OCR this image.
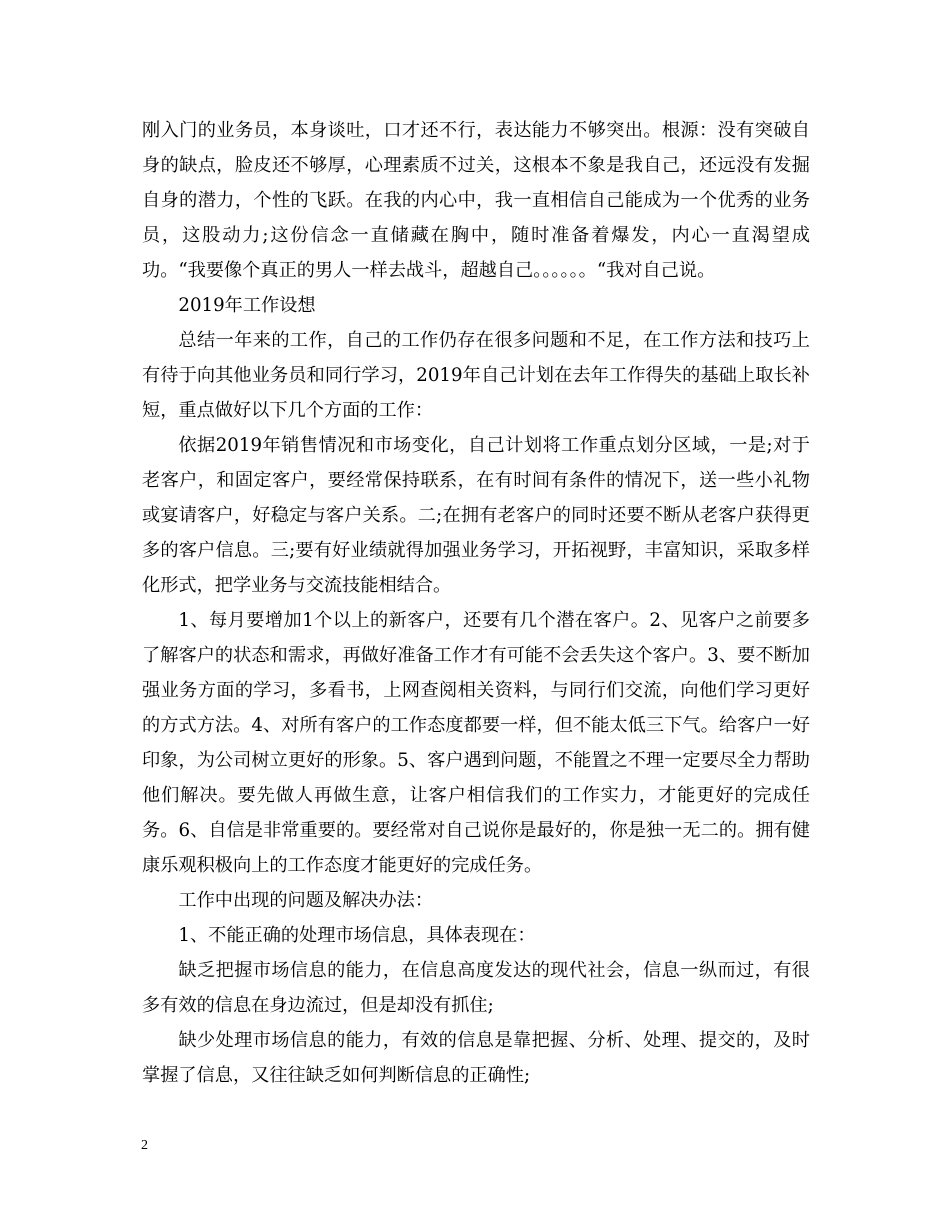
刚入门的业务员，本身谈吐，口才还不行，表达能力不够突出。根源：没有突破自身的缺点，脸皮还不够厚，心理素质不过关，这根本不象是我自己，还远没有发掘自身的潜力，个性的飞跃。在我的内心中，我一直相信自己能成为一个优秀的业务员，这股动力;这份信念一直储藏在胸中，随时准备着爆发，内心一直渴望成功。“我要像个真正的男人一样去战斗，超越自己。。。。。。“我对自己说。

2019年工作设想

总结一年来的工作，自己的工作仍存在很多问题和不足，在工作方法和技巧上有待于向其他业务员和同行学习，2019年自己计划在去年工作得失的基础上取长补短，重点做好以下几个方面的工作：

依据2019年销售情况和市场变化，自己计划将工作重点划分区域，一是;对于老客户，和固定客户，要经常保持联系，在有时间有条件的情况下，送一些小礼物或宴请客户，好稳定与客户关系。二;在拥有老客户的同时还要不断从老客户获得更多的客户信息。三;要有好业绩就得加强业务学习，开拓视野，丰富知识，采取多样化形式，把学业务与交流技能相结合。

1、每月要增加1个以上的新客户，还要有几个潜在客户。2、见客户之前要多了解客户的状态和需求，再做好准备工作才有可能不会丢失这个客户。3、要不断加强业务方面的学习，多看书，上网查阅相关资料，与同行们交流，向他们学习更好的方式方法。4、对所有客户的工作态度都要一样，但不能太低三下气。给客户一好印象，为公司树立更好的形象。5、客户遇到问题，不能置之不理一定要尽全力帮助他们解决。要先做人再做生意，让客户相信我们的工作实力，才能更好的完成任务。6、自信是非常重要的。要经常对自己说你是最好的，你是独一无二的。拥有健康乐观积极向上的工作态度才能更好的完成任务。

工作中出现的问题及解决办法：

1、不能正确的处理市场信息，具体表现在：

缺乏把握市场信息的能力，在信息高度发达的现代社会，信息一纵而过，有很多有效的信息在身边流过，但是却没有抓住;

缺少处理市场信息的能力，有效的信息是靠把握、分析、处理、提交的，及时掌握了信息，又往往缺乏如何判断信息的正确性;

2
